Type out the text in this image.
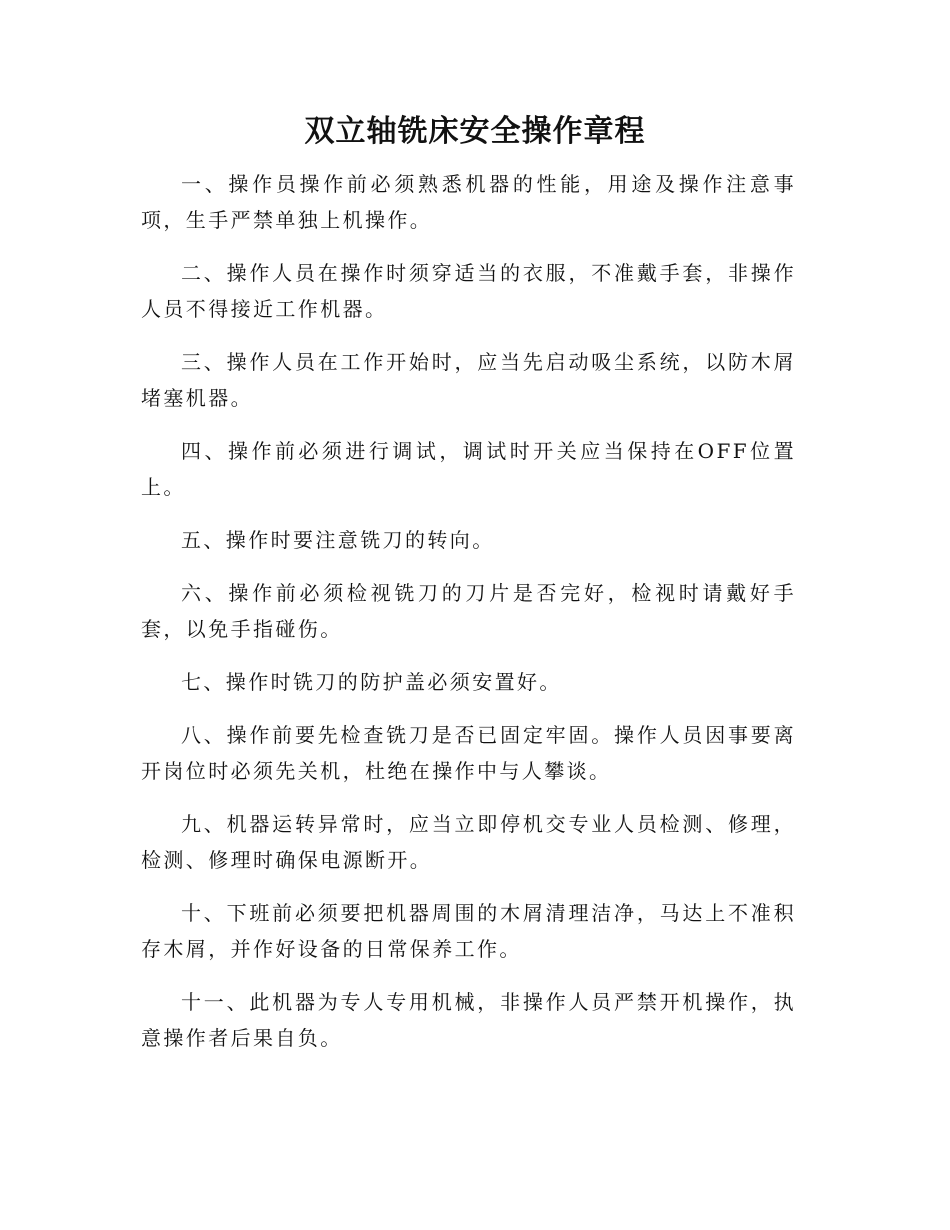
双立轴铣床安全操作章程

一、操作员操作前必须熟悉机器的性能，用途及操作注意事项，生手严禁单独上机操作。

二、操作人员在操作时须穿适当的衣服，不准戴手套，非操作人员不得接近工作机器。

三、操作人员在工作开始时，应当先启动吸尘系统，以防木屑堵塞机器。

四、操作前必须进行调试，调试时开关应当保持在OFF位置上。

五、操作时要注意铣刀的转向。

六、操作前必须检视铣刀的刀片是否完好，检视时请戴好手套，以免手指碰伤。

七、操作时铣刀的防护盖必须安置好。

八、操作前要先检查铣刀是否已固定牢固。操作人员因事要离开岗位时必须先关机，杜绝在操作中与人攀谈。

九、机器运转异常时，应当立即停机交专业人员检测、修理，检测、修理时确保电源断开。

十、下班前必须要把机器周围的木屑清理洁净，马达上不准积存木屑，并作好设备的日常保养工作。

十一、此机器为专人专用机械，非操作人员严禁开机操作，执意操作者后果自负。
